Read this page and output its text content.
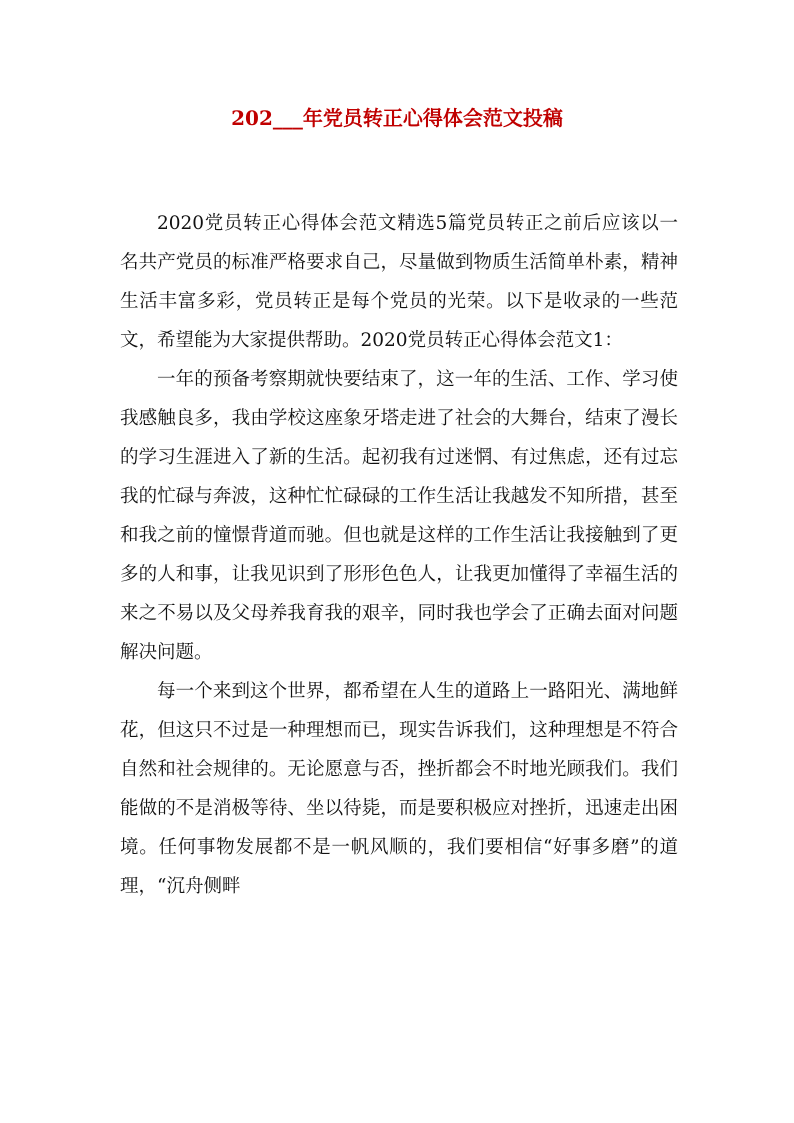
202___年党员转正心得体会范文投稿

2020党员转正心得体会范文精选5篇党员转正之前后应该以一名共产党员的标准严格要求自己，尽量做到物质生活简单朴素，精神生活丰富多彩，党员转正是每个党员的光荣。以下是收录的一些范文，希望能为大家提供帮助。2020党员转正心得体会范文1：

一年的预备考察期就快要结束了，这一年的生活、工作、学习使我感触良多，我由学校这座象牙塔走进了社会的大舞台，结束了漫长的学习生涯进入了新的生活。起初我有过迷惘、有过焦虑，还有过忘我的忙碌与奔波，这种忙忙碌碌的工作生活让我越发不知所措，甚至和我之前的憧憬背道而驰。但也就是这样的工作生活让我接触到了更多的人和事，让我见识到了形形色色人，让我更加懂得了幸福生活的来之不易以及父母养我育我的艰辛，同时我也学会了正确去面对问题解决问题。

每一个来到这个世界，都希望在人生的道路上一路阳光、满地鲜花，但这只不过是一种理想而已，现实告诉我们，这种理想是不符合自然和社会规律的。无论愿意与否，挫折都会不时地光顾我们。我们能做的不是消极等待、坐以待毙，而是要积极应对挫折，迅速走出困境。任何事物发展都不是一帆风顺的，我们要相信“好事多磨”的道理，“沉舟侧畔
